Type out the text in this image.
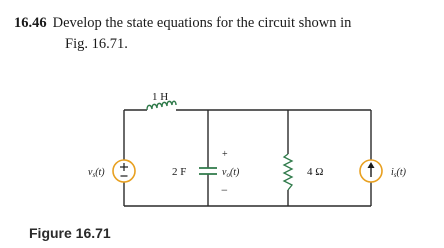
16.46 Develop the state equations for the circuit shown in
Fig. 16.71.
1 H
2 F
+
−
$v_o(t)$
$v_s(t)$	4 Ω	$i_s(t)$
Figure 16.71
